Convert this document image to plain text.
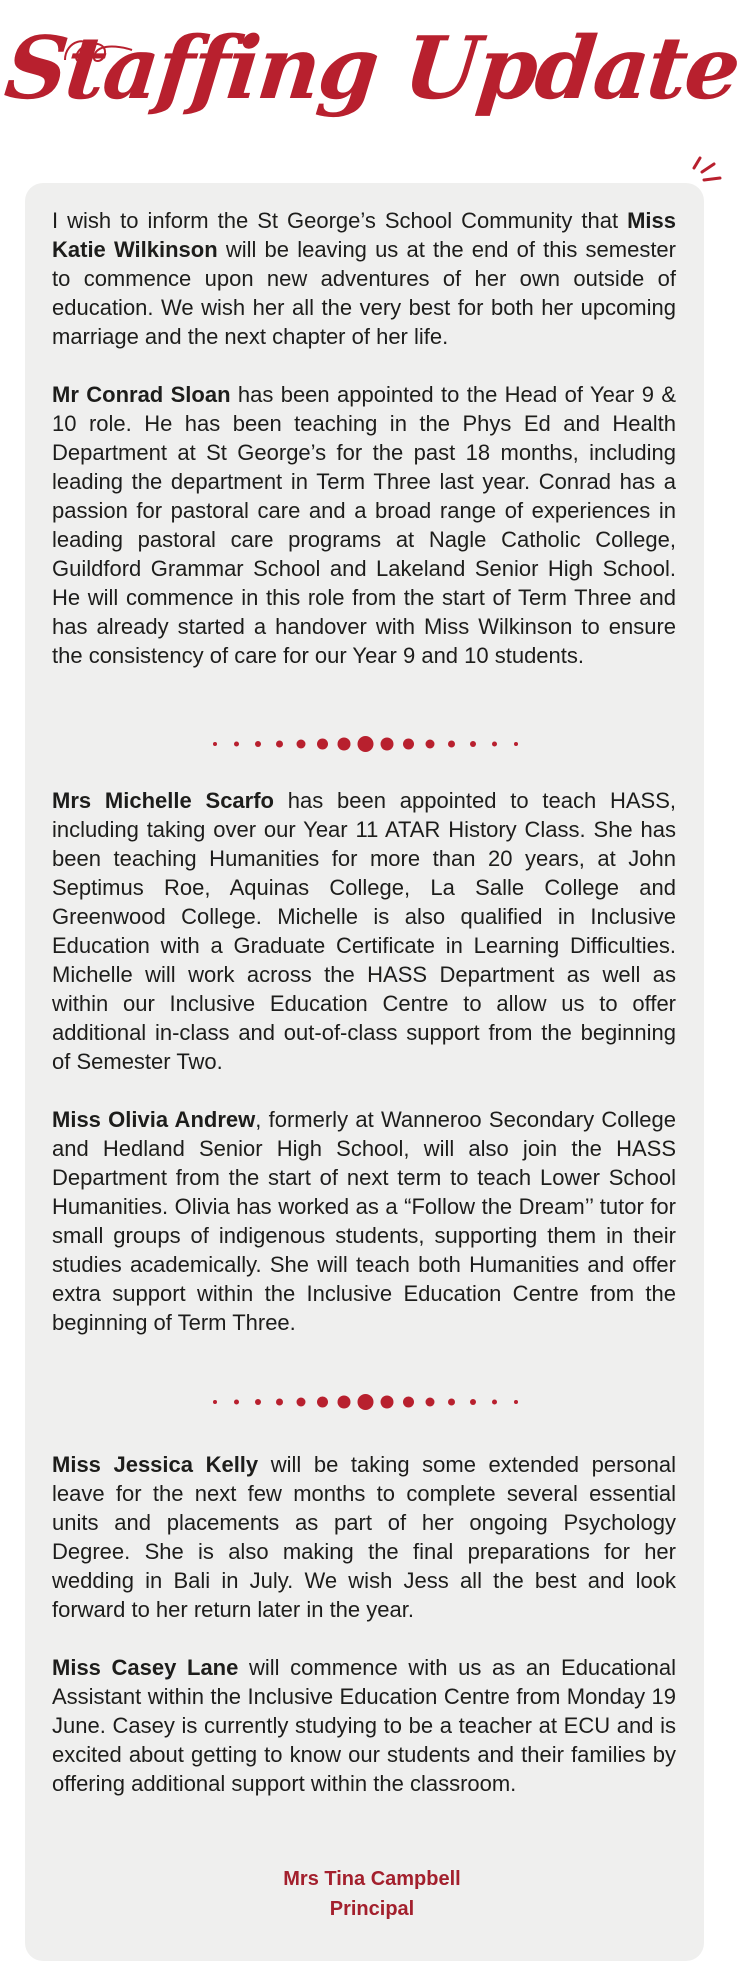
Staffing Update

I wish to inform the St George’s School Community that Miss Katie Wilkinson will be leaving us at the end of this semester to commence upon new adventures of her own outside of education. We wish her all the very best for both her upcoming marriage and the next chapter of her life.

Mr Conrad Sloan has been appointed to the Head of Year 9 & 10 role. He has been teaching in the Phys Ed and Health Department at St George’s for the past 18 months, including leading the department in Term Three last year. Conrad has a passion for pastoral care and a broad range of experiences in leading pastoral care programs at Nagle Catholic College, Guildford Grammar School and Lakeland Senior High School. He will commence in this role from the start of Term Three and has already started a handover with Miss Wilkinson to ensure the consistency of care for our Year 9 and 10 students.

Mrs Michelle Scarfo has been appointed to teach HASS, including taking over our Year 11 ATAR History Class. She has been teaching Humanities for more than 20 years, at John Septimus Roe, Aquinas College, La Salle College and Greenwood College. Michelle is also qualified in Inclusive Education with a Graduate Certificate in Learning Difficulties. Michelle will work across the HASS Department as well as within our Inclusive Education Centre to allow us to offer additional in-class and out-of-class support from the beginning of Semester Two.

Miss Olivia Andrew, formerly at Wanneroo Secondary College and Hedland Senior High School, will also join the HASS Department from the start of next term to teach Lower School Humanities. Olivia has worked as a “Follow the Dream’’ tutor for small groups of indigenous students, supporting them in their studies academically. She will teach both Humanities and offer extra support within the Inclusive Education Centre from the beginning of Term Three.

Miss Jessica Kelly will be taking some extended personal leave for the next few months to complete several essential units and placements as part of her ongoing Psychology Degree. She is also making the final preparations for her wedding in Bali in July. We wish Jess all the best and look forward to her return later in the year.

Miss Casey Lane will commence with us as an Educational Assistant within the Inclusive Education Centre from Monday 19 June. Casey is currently studying to be a teacher at ECU and is excited about getting to know our students and their families by offering additional support within the classroom.

Mrs Tina Campbell
Principal
